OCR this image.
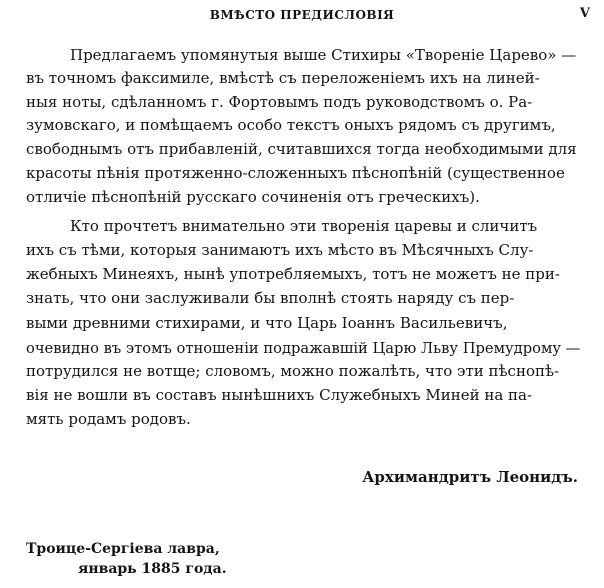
ВМѢСТО ПРЕДИСЛОВІЯ	V
Предлагаемъ упомянутыя выше Стихиры «Твореніе Царево» —
въ точномъ факсимиле, вмѣстѣ съ переложеніемъ ихъ на линей-
ныя ноты, сдѣланномъ г. Фортовымъ подъ руководствомъ о. Ра-
зумовскаго, и помѣщаемъ особо текстъ оныхъ рядомъ съ другимъ,
свободнымъ отъ прибавленій, считавшихся тогда необходимыми для
красоты пѣнія протяженно-сложенныхъ пѣснопѣній (существенное
отличіе пѣснопѣній русскаго сочиненія отъ греческихъ).
Кто прочтетъ внимательно эти творенія царевы и сличитъ
ихъ съ тѣми, которыя занимаютъ ихъ мѣсто въ Мѣсячныхъ Слу-
жебныхъ Минеяхъ, нынѣ употребляемыхъ, тотъ не можетъ не при-
знать, что они заслуживали бы вполнѣ стоять наряду съ пер-
выми древними стихирами, и что Царь Іоаннъ Васильевичъ,
очевидно въ этомъ отношеніи подражавшій Царю Льву Премудрому —
потрудился не вотще; словомъ, можно пожалѣть, что эти пѣснопѣ-
вія не вошли въ составъ нынѣшнихъ Служебныхъ Миней на па-
мять родамъ родовъ.
Архимандритъ Леонидъ.
Троице-Сергіева лавра,
январь 1885 года.
